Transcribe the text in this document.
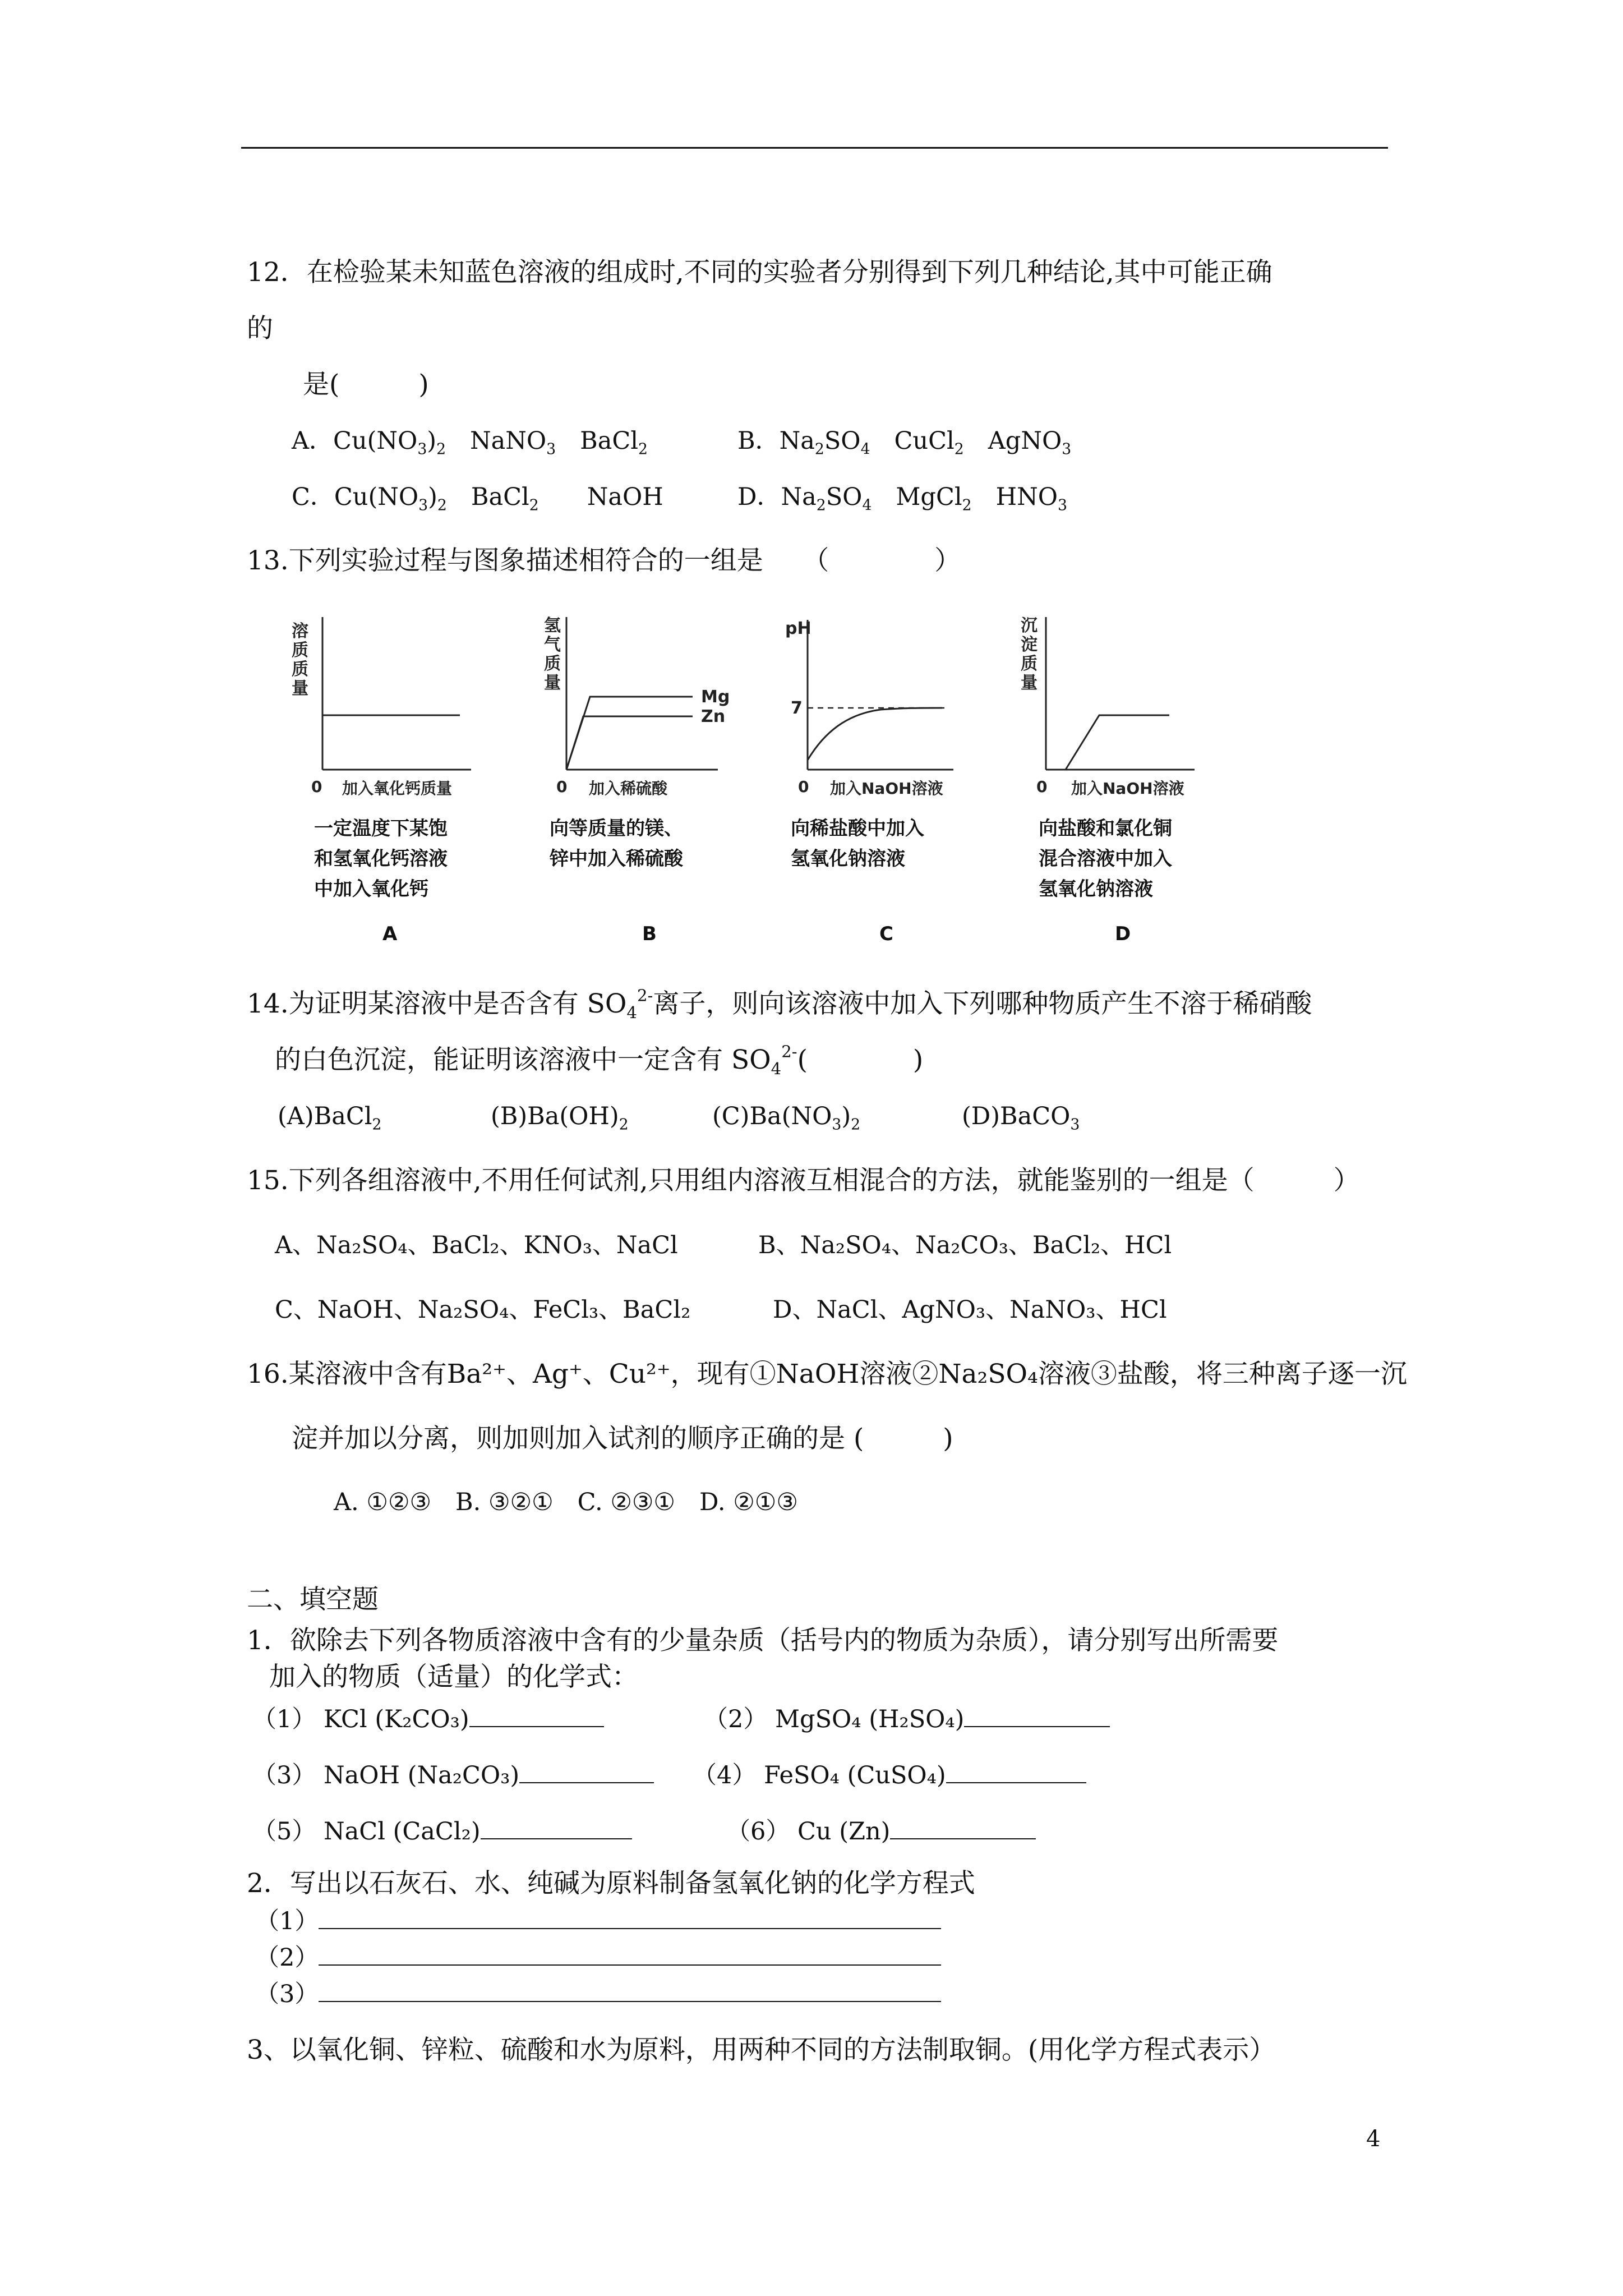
12．在检验某未知蓝色溶液的组成时,不同的实验者分别得到下列几种结论,其中可能正确
的
是(　　　)
A．$Cu(NO_3)_2$　NaNO$_3$　BaCl$_2$	B．$Na_2SO_4$　CuCl$_2$　AgNO$_3$
C．$Cu(NO_3)_2$　BaCl$_2$　　NaOH	D．$Na_2SO_4$　MgCl$_2$　$HNO_3$
13.下列实验过程与图象描述相符合的一组是　　（　　　　）
溶
质
质
量
0 加入氧化钙质量
Mg
Zn
氢
气
质
量
0 加入稀硫酸
pH
7
0 加入NaOH溶液
沉
淀
质
量
0 加入NaOH溶液
一定温度下某饱
和氢氧化钙溶液
中加入氧化钙
A
向等质量的镁、
锌中加入稀硫酸
B
向稀盐酸中加入
氢氧化钠溶液
C
向盐酸和氯化铜
混合溶液中加入
氢氧化钠溶液
D
14.为证明某溶液中是否含有 $SO_4^{2-}$离子，则向该溶液中加入下列哪种物质产生不溶于稀硝酸
的白色沉淀，能证明该溶液中一定含有 $SO_4^{2-}$(　　　　)
(A)BaCl$_2$	$(B)Ba(OH)_2$	$(C)Ba(NO_3)_2$	(D)BaCO$_3$
15.下列各组溶液中,不用任何试剂,只用组内溶液互相混合的方法，就能鉴别的一组是（　　　）
A、Na₂SO₄、BaCl₂、KNO₃、NaCl	B、Na₂SO₄、Na₂CO₃、BaCl₂、HCl
C、NaOH、Na₂SO₄、FeCl₃、BaCl₂	D、NaCl、AgNO₃、NaNO₃、HCl
16.某溶液中含有Ba²⁺、Ag⁺、Cu²⁺，现有①NaOH溶液②Na₂SO₄溶液③盐酸，将三种离子逐一沉
淀并加以分离，则加则加入试剂的顺序正确的是 (　　　)
A. ①②③　B. ③②①　C. ②③①　D. ②①③
二、填空题
1．欲除去下列各物质溶液中含有的少量杂质（括号内的物质为杂质），请分别写出所需要
加入的物质（适量）的化学式：
（1） KCl (K₂CO₃)	（2） MgSO₄ (H₂SO₄)
（3） NaOH (Na₂CO₃)	（4） FeSO₄ (CuSO₄)
（5） NaCl (CaCl₂)	（6） Cu (Zn)
2．写出以石灰石、水、纯碱为原料制备氢氧化钠的化学方程式
（1）
（2）
（3）
3、以氧化铜、锌粒、硫酸和水为原料，用两种不同的方法制取铜。(用化学方程式表示）
4
